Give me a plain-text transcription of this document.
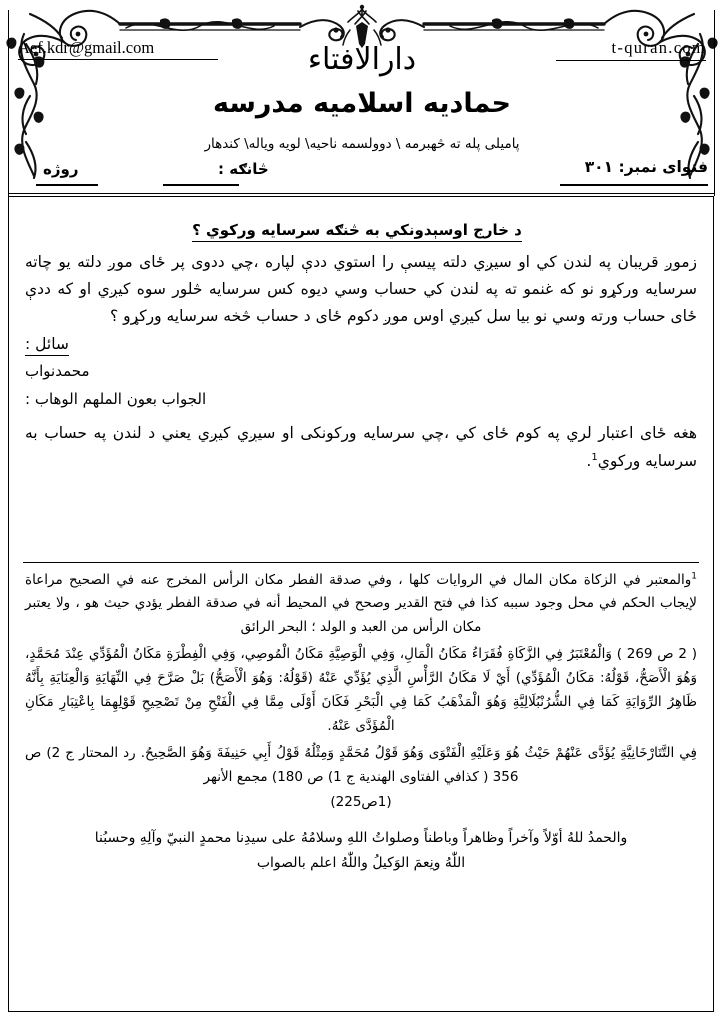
Aef.kdr@gmail.com	t-quran.com
دارالافتاء
حمادیه اسلامیه مدرسه
پاميلى پله ته څهبرمه \ دوولسمه ناحيه\ لويه وياله\ كندهار
فتوای نمبر: ۳۰۱
څانګه :
روژه
د خارج اوسېدونکي به څنګه سرسايه ورکوي ؟
زموږ قريبان په لندن کي او سيږي دلته پيسې را استوي ددې لپاره ،چي ددوى پر ځاى موږ دلته يو چاته سرسايه ورکړو نو که غنمو ته په لندن کي حساب وسي ديوه کس سرسايه څلور سوه کيږي او که ددې ځاى حساب ورته وسي نو بيا سل کيږي اوس موږ دکوم ځاى د حساب څخه سرسايه ورکړو ؟
سائل :
محمدنواب
الجواب بعون الملهم الوهاب :
هغه ځاى اعتبار لري په کوم ځاى کي ،چي سرسايه ورکونکى او سيږي کيږي يعني د لندن په حساب به سرسايه ورکوي$^1$.
$^1$والمعتبر في الزکاة مکان المال في الروايات کلها ، وفي صدقة الفطر مکان الرأس المخرج عنه في الصحيح مراعاة لإيجاب الحکم في محل وجود سببه کذا في فتح القدير وصحح في المحيط أنه في صدقة الفطر يؤدي حيث هو ، ولا يعتبر مکان الرأس من العبد و الولد ؛ البحر الرائق
( 2 ص 269 ) وَالْمُعْتَبَرُ فِي الزَّكَاةِ فُقَرَاءُ مَكَانُ الْمَالِ، وَفِي الْوَصِيَّةِ مَكَانُ الْمُوصِي، وَفِي الْفِطْرَةِ مَكَانُ الْمُؤَدِّي عِنْدَ مُحَمَّدٍ، وَهُوَ الْأَصَحُّ، قَوْلُهُ: مَكَانُ الْمُؤَدِّي) أَيْ لَا مَكَانُ الرَّأْسِ الَّذِي يُؤَدِّي عَنْهُ (قَوْلُهُ: وَهُوَ الْأَصَحُّ) بَلْ صَرَّحَ فِي النِّهَايَةِ وَالْعِنَايَةِ بِأَنَّهُ ظَاهِرُ الرِّوَايَةِ كَمَا فِي الشُّرُنْبُلَالِيَّةِ وَهُوَ الْمَذْهَبُ كَمَا فِي الْبَحْرِ فَكَانَ أَوْلَى مِمَّا فِي الْفَتْحِ مِنْ تَصْحِيحِ قَوْلِهِمَا بِاعْتِبَارِ مَكَانِ الْمُؤَدَّى عَنْهُ.
فِي التَّتَارْخَانِيَّةِ يُؤَدَّى عَنْهُمْ حَيْثُ هُوَ وَعَلَيْهِ الْفَتْوَى وَهُوَ قَوْلُ مُحَمَّدٍ وَمِثْلُهُ قَوْلُ أَبِي حَنِيفَةَ وَهُوَ الصَّحِيحُ. رد المحتار ج 2) ص 356 ( کذافي الفتاوى الهندية ج 1) ص 180) مجمع الأنهر
(1ص225)
والحمدُ للهُ أوّلاً وآخراً وظاهراً وباطناً وصلواتُ اللهِ وسلامُهُ على سيدِنا محمدٍ النبيّ وآلِهِ وحسبُنا
اللّٰهُ ونِعمَ الوَكيلُ واللّٰهُ اعلم بالصواب
